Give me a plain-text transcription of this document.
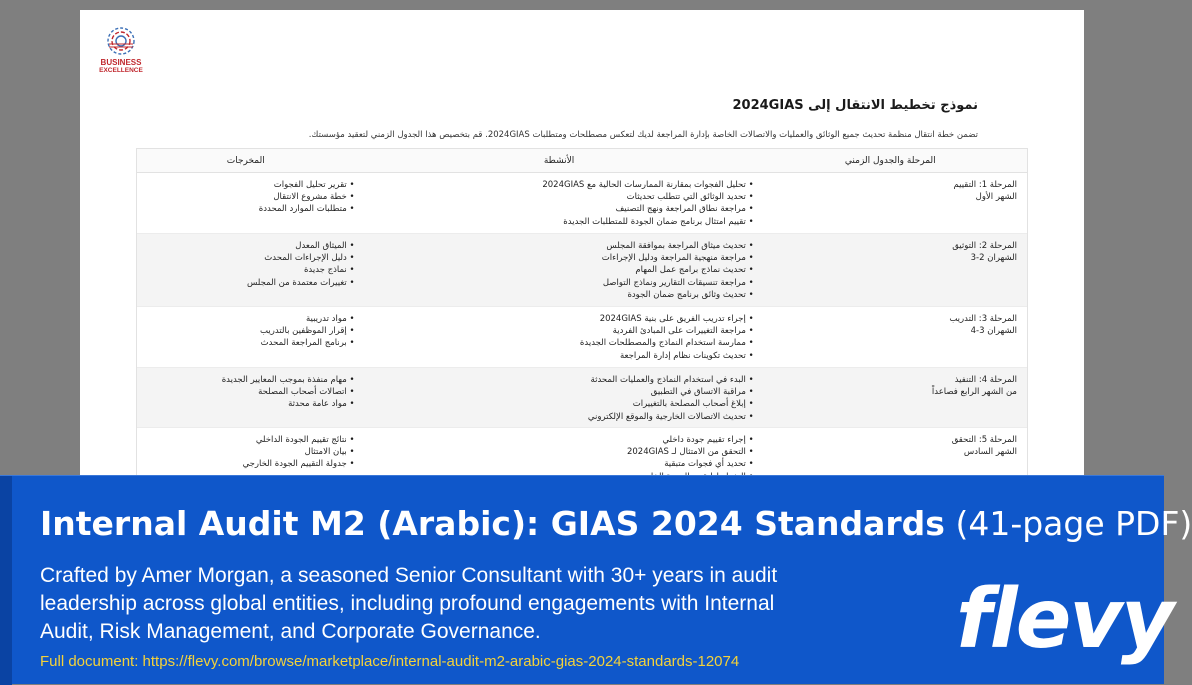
BUSINESS
EXCELLENCE
نموذج تخطيط الانتقال إلى 2024GIAS
تضمن خطة انتقال منظمة تحديث جميع الوثائق والعمليات والاتصالات الخاصة بإدارة المراجعة لديك لتعكس مصطلحات ومتطلبات 2024GIAS. قم بتخصيص هذا الجدول الزمني لتعقيد مؤسستك.
المرحلة والجدول الزمني
الأنشطة
المخرجات
المرحلة 1: التقييم
الشهر الأول
• تحليل الفجوات بمقارنة الممارسات الحالية مع 2024GIAS
• تحديد الوثائق التي تتطلب تحديثات
• مراجعة نطاق المراجعة ونهج التصنيف
• تقييم امتثال برنامج ضمان الجودة للمتطلبات الجديدة
• تقرير تحليل الفجوات
• خطة مشروع الانتقال
• متطلبات الموارد المحددة
المرحلة 2: التوثيق
الشهران 2-3
• تحديث ميثاق المراجعة بموافقة المجلس
• مراجعة منهجية المراجعة ودليل الإجراءات
• تحديث نماذج برامج عمل المهام
• مراجعة تنسيقات التقارير ونماذج التواصل
• تحديث وثائق برنامج ضمان الجودة
• الميثاق المعدل
• دليل الإجراءات المحدث
• نماذج جديدة
• تغييرات معتمدة من المجلس
المرحلة 3: التدريب
الشهران 3-4
• إجراء تدريب الفريق على بنية 2024GIAS
• مراجعة التغييرات على المبادئ الفردية
• ممارسة استخدام النماذج والمصطلحات الجديدة
• تحديث تكوينات نظام إدارة المراجعة
• مواد تدريبية
• إقرار الموظفين بالتدريب
• برنامج المراجعة المحدث
المرحلة 4: التنفيذ
من الشهر الرابع فصاعداً
• البدء في استخدام النماذج والعمليات المحدثة
• مراقبة الاتساق في التطبيق
• إبلاغ أصحاب المصلحة بالتغييرات
• تحديث الاتصالات الخارجية والموقع الإلكتروني
• مهام منفذة بموجب المعايير الجديدة
• اتصالات أصحاب المصلحة
• مواد عامة محدثة
المرحلة 5: التحقق
الشهر السادس
• إجراء تقييم جودة داخلي
• التحقق من الامتثال لـ 2024GIAS
• تحديد أي فجوات متبقية
•
• نتائج تقييم الجودة الداخلي
• بيان الامتثال
• جدولة التقييم الجودة الخارجي
Internal Audit M2 (Arabic): GIAS 2024 Standards (41-page PDF)
Crafted by Amer Morgan, a seasoned Senior Consultant with 30+ years in audit leadership across global entities, including profound engagements with Internal Audit, Risk Management, and Corporate Governance.
Full document: https://flevy.com/browse/marketplace/internal-audit-m2-arabic-gias-2024-standards-12074	flevy
